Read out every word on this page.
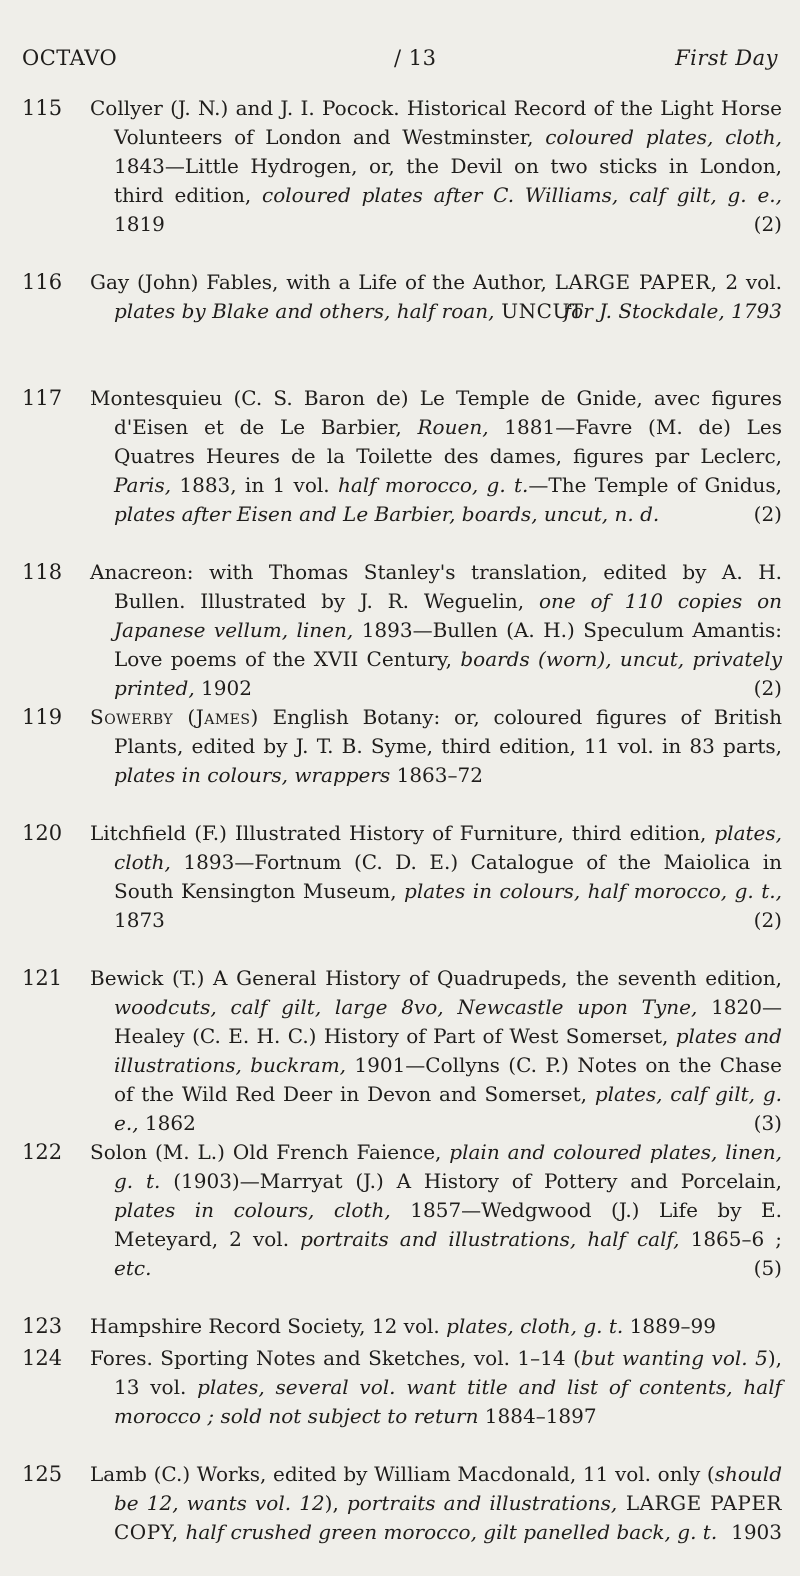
OCTAVO	/ 13	First Day
115	Collyer (J. N.) and J. I. Pocock. Historical Record of the Light Horse Volunteers of London and Westminster, coloured plates, cloth, 1843—Little Hydrogen, or, the Devil on two sticks in London, third edition, coloured plates after C. Williams, calf gilt, g. e., 1819	(2)
116	Gay (John) Fables, with a Life of the Author, LARGE PAPER, 2 vol. plates by Blake and others, half roan, UNCUT
for J. Stockdale, 1793
117	Montesquieu (C. S. Baron de) Le Temple de Gnide, avec figures d'Eisen et de Le Barbier, Rouen, 1881—Favre (M. de) Les Quatres Heures de la Toilette des dames, figures par Leclerc, Paris, 1883, in 1 vol. half morocco, g. t.—The Temple of Gnidus, plates after Eisen and Le Barbier, boards, uncut, n. d.	(2)
118	Anacreon: with Thomas Stanley's translation, edited by A. H. Bullen. Illustrated by J. R. Weguelin, one of 110 copies on Japanese vellum, linen, 1893—Bullen (A. H.) Speculum Amantis: Love poems of the XVII Century, boards (worn), uncut, privately printed, 1902	(2)
119	Sowerby (James) English Botany: or, coloured figures of British Plants, edited by J. T. B. Syme, third edition, 11 vol. in 83 parts, plates in colours, wrappers 1863–72
120	Litchfield (F.) Illustrated History of Furniture, third edition, plates, cloth, 1893—Fortnum (C. D. E.) Catalogue of the Maiolica in South Kensington Museum, plates in colours, half morocco, g. t., 1873	(2)
121	Bewick (T.) A General History of Quadrupeds, the seventh edition, woodcuts, calf gilt, large 8vo, Newcastle upon Tyne, 1820—Healey (C. E. H. C.) History of Part of West Somerset, plates and illustrations, buckram, 1901—Collyns (C. P.) Notes on the Chase of the Wild Red Deer in Devon and Somerset, plates, calf gilt, g. e., 1862	(3)
122	Solon (M. L.) Old French Faience, plain and coloured plates, linen, g. t. (1903)—Marryat (J.) A History of Pottery and Porcelain, plates in colours, cloth, 1857—Wedgwood (J.) Life by E. Meteyard, 2 vol. portraits and illustrations, half calf, 1865–6 ; etc.	(5)
123	Hampshire Record Society, 12 vol. plates, cloth, g. t. 1889–99
124	Fores. Sporting Notes and Sketches, vol. 1–14 (but wanting vol. 5), 13 vol. plates, several vol. want title and list of contents, half morocco ; sold not subject to return 1884–1897
125	Lamb (C.) Works, edited by William Macdonald, 11 vol. only (should be 12, wants vol. 12), portraits and illustrations, LARGE PAPER COPY, half crushed green morocco, gilt panelled back, g. t. 1903
